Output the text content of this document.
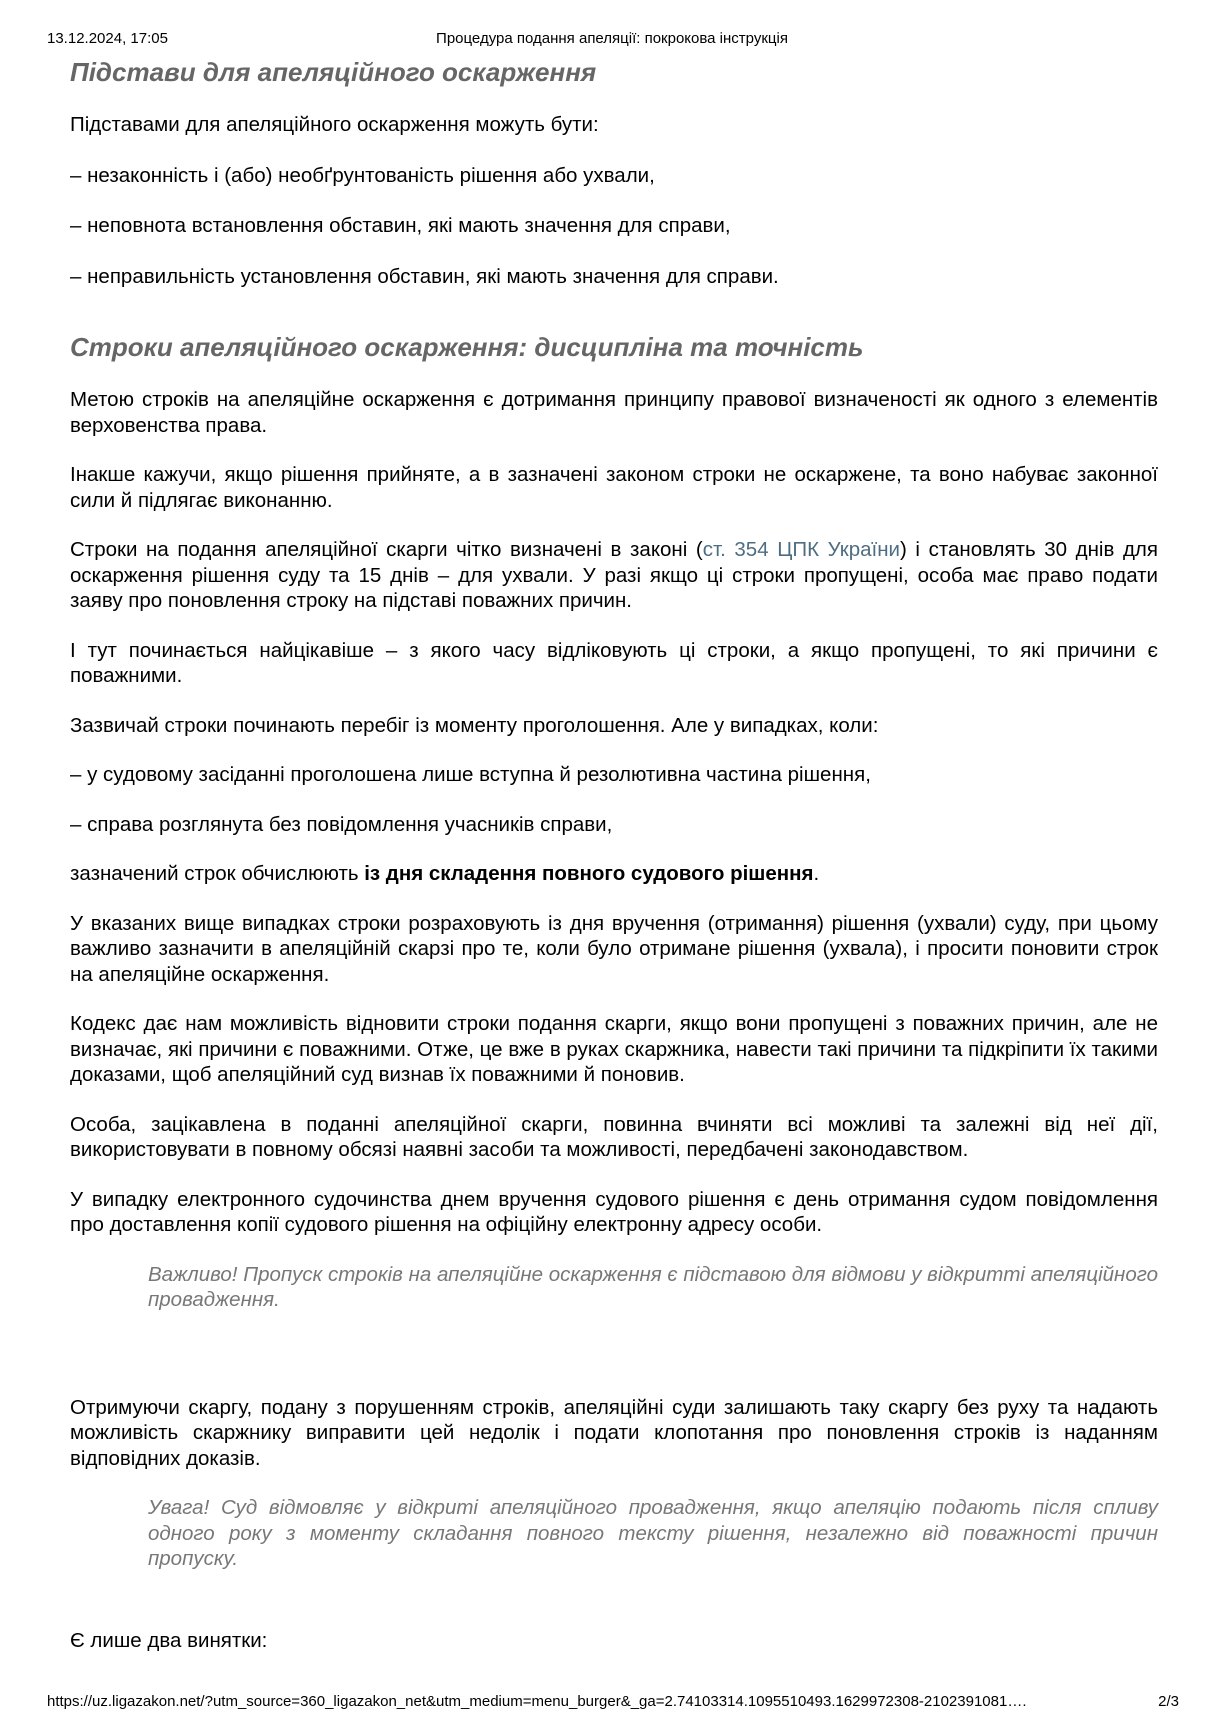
13.12.2024, 17:05	Процедура подання апеляції: покрокова інструкція
Підстави для апеляційного оскарження

Підставами для апеляційного оскарження можуть бути:

– незаконність і (або) необґрунтованість рішення або ухвали,

– неповнота встановлення обставин, які мають значення для справи,

– неправильність установлення обставин, які мають значення для справи.

Строки апеляційного оскарження: дисципліна та точність

Метою строків на апеляційне оскарження є дотримання принципу правової визначеності як одного з елементів верховенства права.

Інакше кажучи, якщо рішення прийняте, а в зазначені законом строки не оскаржене, та воно набуває законної сили й підлягає виконанню.

Строки на подання апеляційної скарги чітко визначені в законі (ст. 354 ЦПК України) і становлять 30 днів для оскарження рішення суду та 15 днів – для ухвали. У разі якщо ці строки пропущені, особа має право подати заяву про поновлення строку на підставі поважних причин.

І тут починається найцікавіше – з якого часу відліковують ці строки, а якщо пропущені, то які причини є поважними.

Зазвичай строки починають перебіг із моменту проголошення. Але у випадках, коли:

– у судовому засіданні проголошена лише вступна й резолютивна частина рішення,

– справа розглянута без повідомлення учасників справи,

зазначений строк обчислюють із дня складення повного судового рішення.

У вказаних вище випадках строки розраховують із дня вручення (отримання) рішення (ухвали) суду, при цьому важливо зазначити в апеляційній скарзі про те, коли було отримане рішення (ухвала), і просити поновити строк на апеляційне оскарження.

Кодекс дає нам можливість відновити строки подання скарги, якщо вони пропущені з поважних причин, але не визначає, які причини є поважними. Отже, це вже в руках скаржника, навести такі причини та підкріпити їх такими доказами, щоб апеляційний суд визнав їх поважними й поновив.

Особа, зацікавлена в поданні апеляційної скарги, повинна вчиняти всі можливі та залежні від неї дії, використовувати в повному обсязі наявні засоби та можливості, передбачені законодавством.

У випадку електронного судочинства днем вручення судового рішення є день отримання судом повідомлення про доставлення копії судового рішення на офіційну електронну адресу особи.

Важливо! Пропуск строків на апеляційне оскарження є підставою для відмови у відкритті апеляційного провадження.

Отримуючи скаргу, подану з порушенням строків, апеляційні суди залишають таку скаргу без руху та надають можливість скаржнику виправити цей недолік і подати клопотання про поновлення строків із наданням відповідних доказів.

Увага! Суд відмовляє у відкриті апеляційного провадження, якщо апеляцію подають після спливу одного року з моменту складання повного тексту рішення, незалежно від поважності причин пропуску.

Є лише два винятки:

https://uz.ligazakon.net/?utm_source=360_ligazakon_net&utm_medium=menu_burger&_ga=2.74103314.1095510493.1629972308-2102391081….	2/3
